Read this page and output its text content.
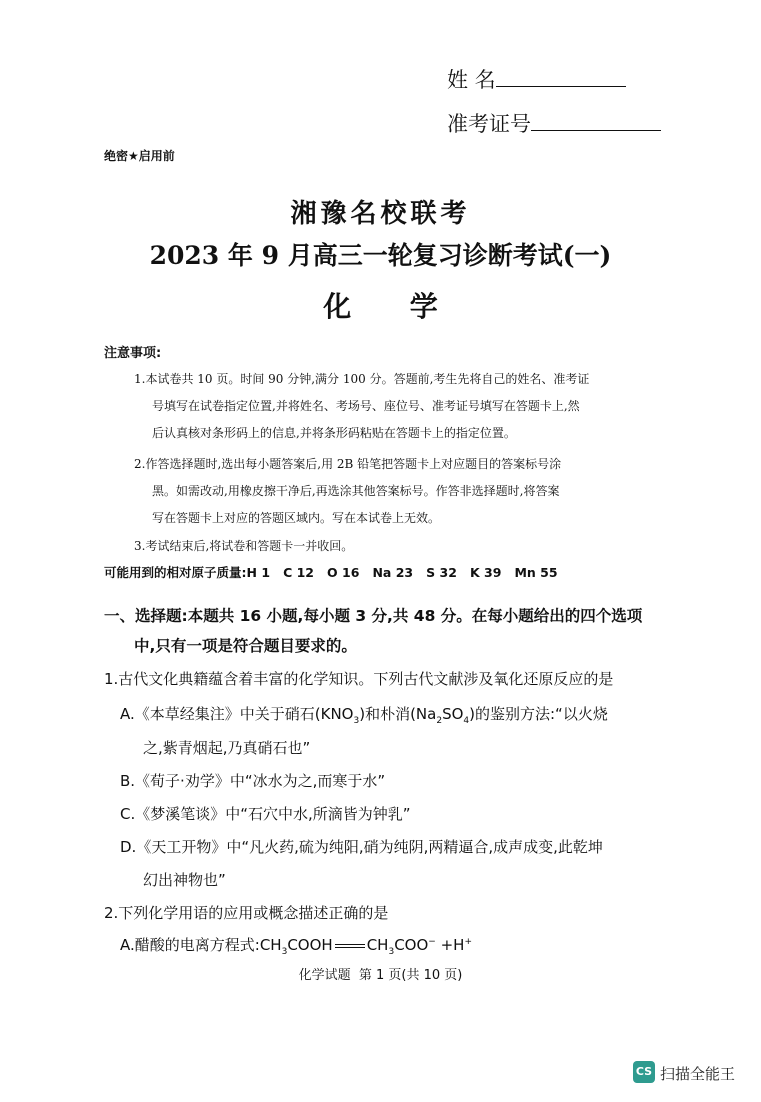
姓 名
准考证号
绝密★启用前
湘豫名校联考
2023 年 9 月高三一轮复习诊断考试(一)
化      学
注意事项:
1.本试卷共 10 页。时间 90 分钟,满分 100 分。答题前,考生先将自己的姓名、准考证
号填写在试卷指定位置,并将姓名、考场号、座位号、准考证号填写在答题卡上,然
后认真核对条形码上的信息,并将条形码粘贴在答题卡上的指定位置。
2.作答选择题时,选出每小题答案后,用 2B 铅笔把答题卡上对应题目的答案标号涂
黑。如需改动,用橡皮擦干净后,再选涂其他答案标号。作答非选择题时,将答案
写在答题卡上对应的答题区域内。写在本试卷上无效。
3.考试结束后,将试卷和答题卡一并收回。
可能用到的相对原子质量:H 1   C 12   O 16   Na 23   S 32   K 39   Mn 55
一、选择题:本题共 16 小题,每小题 3 分,共 48 分。在每小题给出的四个选项
中,只有一项是符合题目要求的。
1.古代文化典籍蕴含着丰富的化学知识。下列古代文献涉及氧化还原反应的是
A.《本草经集注》中关于硝石$(KNO_3)$和朴消$(Na_2SO_4)$的鉴别方法:“以火烧
之,紫青烟起,乃真硝石也”
B.《荀子·劝学》中“冰水为之,而寒于水”
C.《梦溪笔谈》中“石穴中水,所滴皆为钟乳”
D.《天工开物》中“凡火药,硫为纯阳,硝为纯阴,两精逼合,成声成变,此乾坤
幻出神物也”
2.下列化学用语的应用或概念描述正确的是
A.醋酸的电离方程式$:CH_3COOH$ $CH_3COO^- +H^+$
化学试题  第 1 页(共 10 页)
CS 扫描全能王
